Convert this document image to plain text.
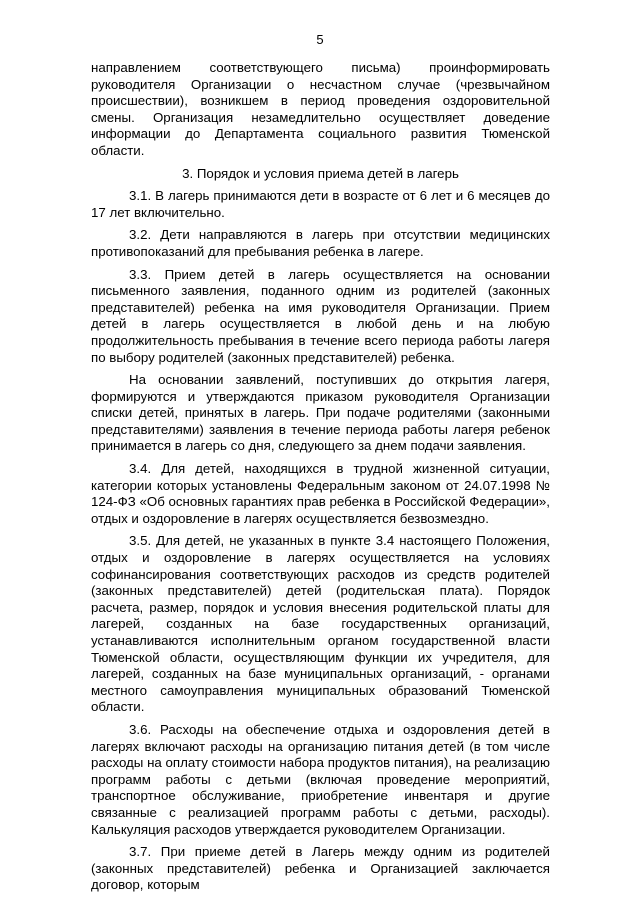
5

направлением соответствующего письма) проинформировать руководителя Организации о несчастном случае (чрезвычайном происшествии), возникшем в период проведения оздоровительной смены. Организация незамедлительно осуществляет доведение информации до Департамента социального развития Тюменской области.

3. Порядок и условия приема детей в лагерь

3.1. В лагерь принимаются дети в возрасте от 6 лет и 6 месяцев до 17 лет включительно.

3.2. Дети направляются в лагерь при отсутствии медицинских противопоказаний для пребывания ребенка в лагере.

3.3. Прием детей в лагерь осуществляется на основании письменного заявления, поданного одним из родителей (законных представителей) ребенка на имя руководителя Организации. Прием детей в лагерь осуществляется в любой день и на любую продолжительность пребывания в течение всего периода работы лагеря по выбору родителей (законных представителей) ребенка.

На основании заявлений, поступивших до открытия лагеря, формируются и утверждаются приказом руководителя Организации списки детей, принятых в лагерь. При подаче родителями (законными представителями) заявления в течение периода работы лагеря ребенок принимается в лагерь со дня, следующего за днем подачи заявления.

3.4. Для детей, находящихся в трудной жизненной ситуации, категории которых установлены Федеральным законом от 24.07.1998 № 124-ФЗ «Об основных гарантиях прав ребенка в Российской Федерации», отдых и оздоровление в лагерях осуществляется безвозмездно.

3.5. Для детей, не указанных в пункте 3.4 настоящего Положения, отдых и оздоровление в лагерях осуществляется на условиях софинансирования соответствующих расходов из средств родителей (законных представителей) детей (родительская плата). Порядок расчета, размер, порядок и условия внесения родительской платы для лагерей, созданных на базе государственных организаций, устанавливаются исполнительным органом государственной власти Тюменской области, осуществляющим функции их учредителя, для лагерей, созданных на базе муниципальных организаций, - органами местного самоуправления муниципальных образований Тюменской области.

3.6. Расходы на обеспечение отдыха и оздоровления детей в лагерях включают расходы на организацию питания детей (в том числе расходы на оплату стоимости набора продуктов питания), на реализацию программ работы с детьми (включая проведение мероприятий, транспортное обслуживание, приобретение инвентаря и другие связанные с реализацией программ работы с детьми, расходы). Калькуляция расходов утверждается руководителем Организации.

3.7. При приеме детей в Лагерь между одним из родителей (законных представителей) ребенка и Организацией заключается договор, которым
